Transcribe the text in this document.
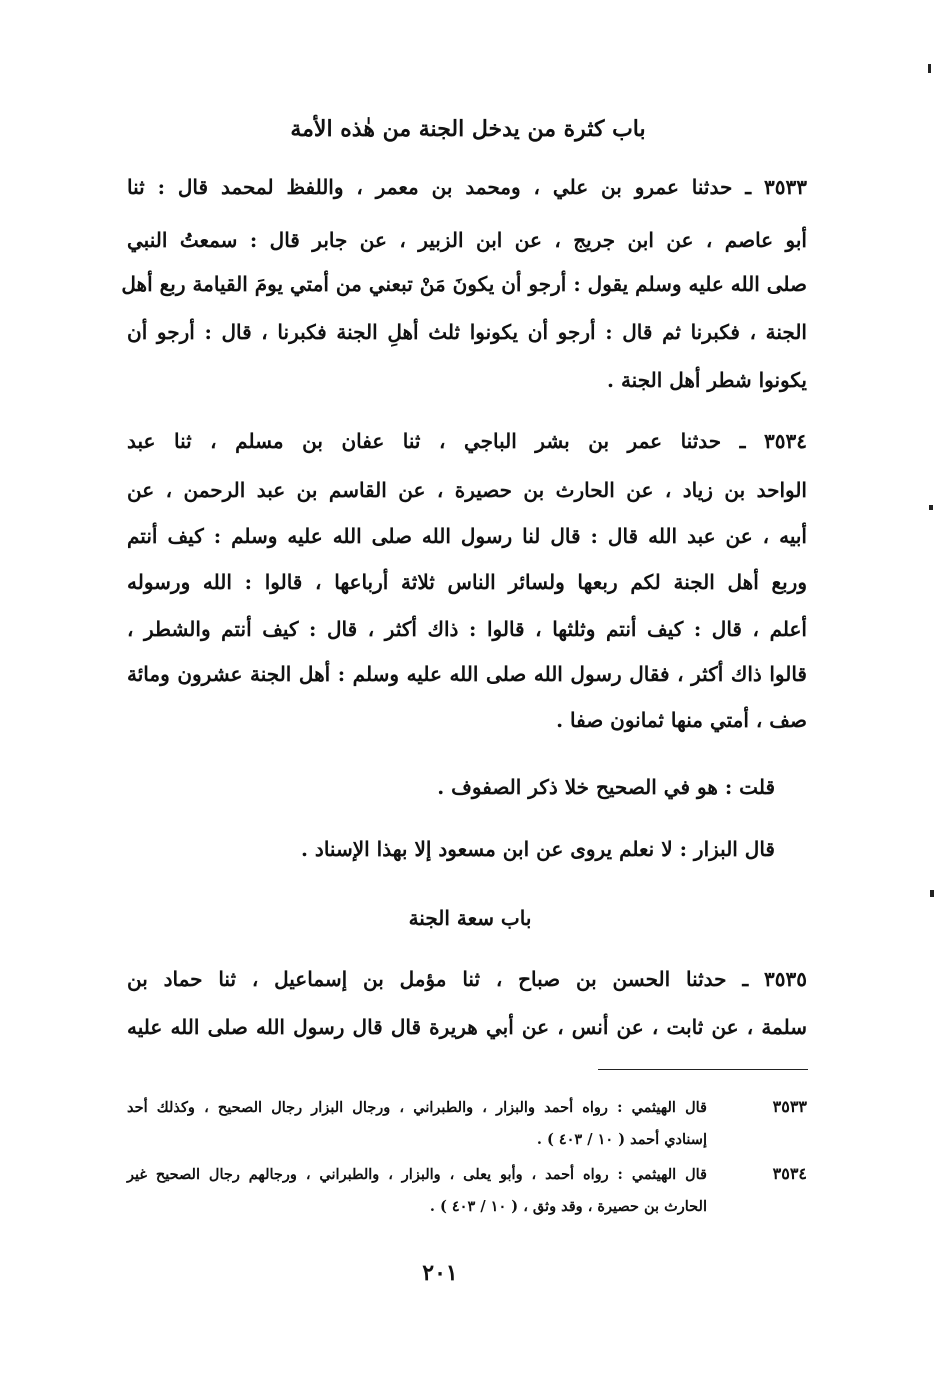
باب كثرة من يدخل الجنة من هٰذه الأمة
٣٥٣٣ ـ حدثنا عمرو بن علي ، ومحمد بن معمر ، واللفظ لمحمد قال : ثنا
أبو عاصم ، عن ابن جريج ، عن ابن الزبير ، عن جابر قال : سمعتُ النبي
صلى الله عليه وسلم يقول : أرجو أن يكونَ مَنْ تبعني من أمتي يومَ القيامة ربع أهل
الجنة ، فكبرنا ثم قال : أرجو أن يكونوا ثلث أهلِ الجنة فكبرنا ، قال : أرجو أن
يكونوا شطر أهل الجنة .
٣٥٣٤ ـ حدثنا عمر بن بشر الباجي ، ثنا عفان بن مسلم ، ثنا عبد
الواحد بن زياد ، عن الحارث بن حصيرة ، عن القاسم بن عبد الرحمن ، عن
أبيه ، عن عبد الله قال : قال لنا رسول الله صلى الله عليه وسلم : كيف أنتم
وربع أهل الجنة لكم ربعها ولسائر الناس ثلاثة أرباعها ، قالوا : الله ورسوله
أعلم ، قال : كيف أنتم وثلثها ، قالوا : ذاك أكثر ، قال : كيف أنتم والشطر ،
قالوا ذاك أكثر ، فقال رسول الله صلى الله عليه وسلم : أهل الجنة عشرون ومائة
صف ، أمتي منها ثمانون صفا .
قلت : هو في الصحيح خلا ذكر الصفوف .
قال البزار : لا نعلم يروى عن ابن مسعود إلا بهذا الإسناد .
باب سعة الجنة
٣٥٣٥ ـ حدثنا الحسن بن صباح ، ثنا مؤمل بن إسماعيل ، ثنا حماد بن
سلمة ، عن ثابت ، عن أنس ، عن أبي هريرة قال قال رسول الله صلى الله عليه
٣٥٣٣
قال الهيثمي : رواه أحمد والبزار ، والطبراني ، ورجال البزار رجال الصحيح ، وكذلك أحد
إسنادي أحمد ( ١٠ / ٤٠٣ ) .
٣٥٣٤
قال الهيثمي : رواه أحمد ، وأبو يعلى ، والبزار ، والطبراني ، ورجالهم رجال الصحيح غير
الحارث بن حصيرة ، وقد وثق ، ( ١٠ / ٤٠٣ ) .
٢٠١
